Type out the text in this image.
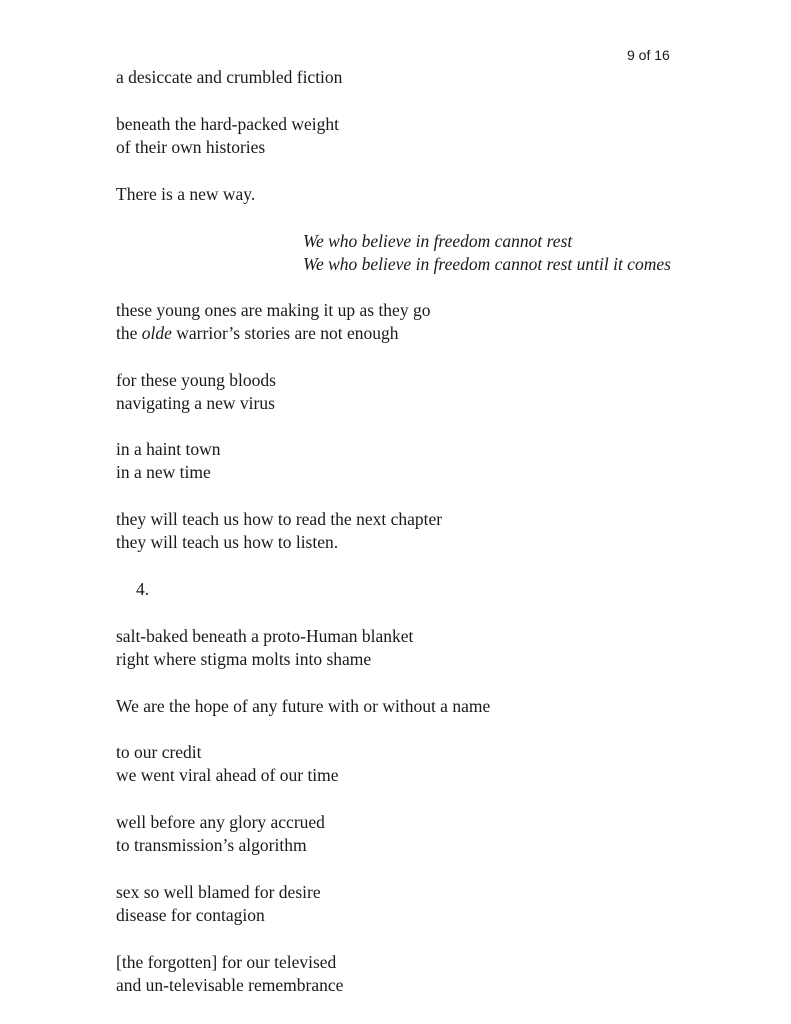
9 of 16
a desiccate and crumbled fiction
beneath the hard-packed weight
of their own histories
There is a new way.
We who believe in freedom cannot rest
We who believe in freedom cannot rest until it comes
these young ones are making it up as they go
the olde warrior’s stories are not enough
for these young bloods
navigating a new virus
in a haint town
in a new time
they will teach us how to read the next chapter
they will teach us how to listen.
4.
salt-baked beneath a proto-Human blanket
right where stigma molts into shame
We are the hope of any future with or without a name
to our credit
we went viral ahead of our time
well before any glory accrued
to transmission’s algorithm
sex so well blamed for desire
disease for contagion
[the forgotten] for our televised
and un-televisable remembrance
